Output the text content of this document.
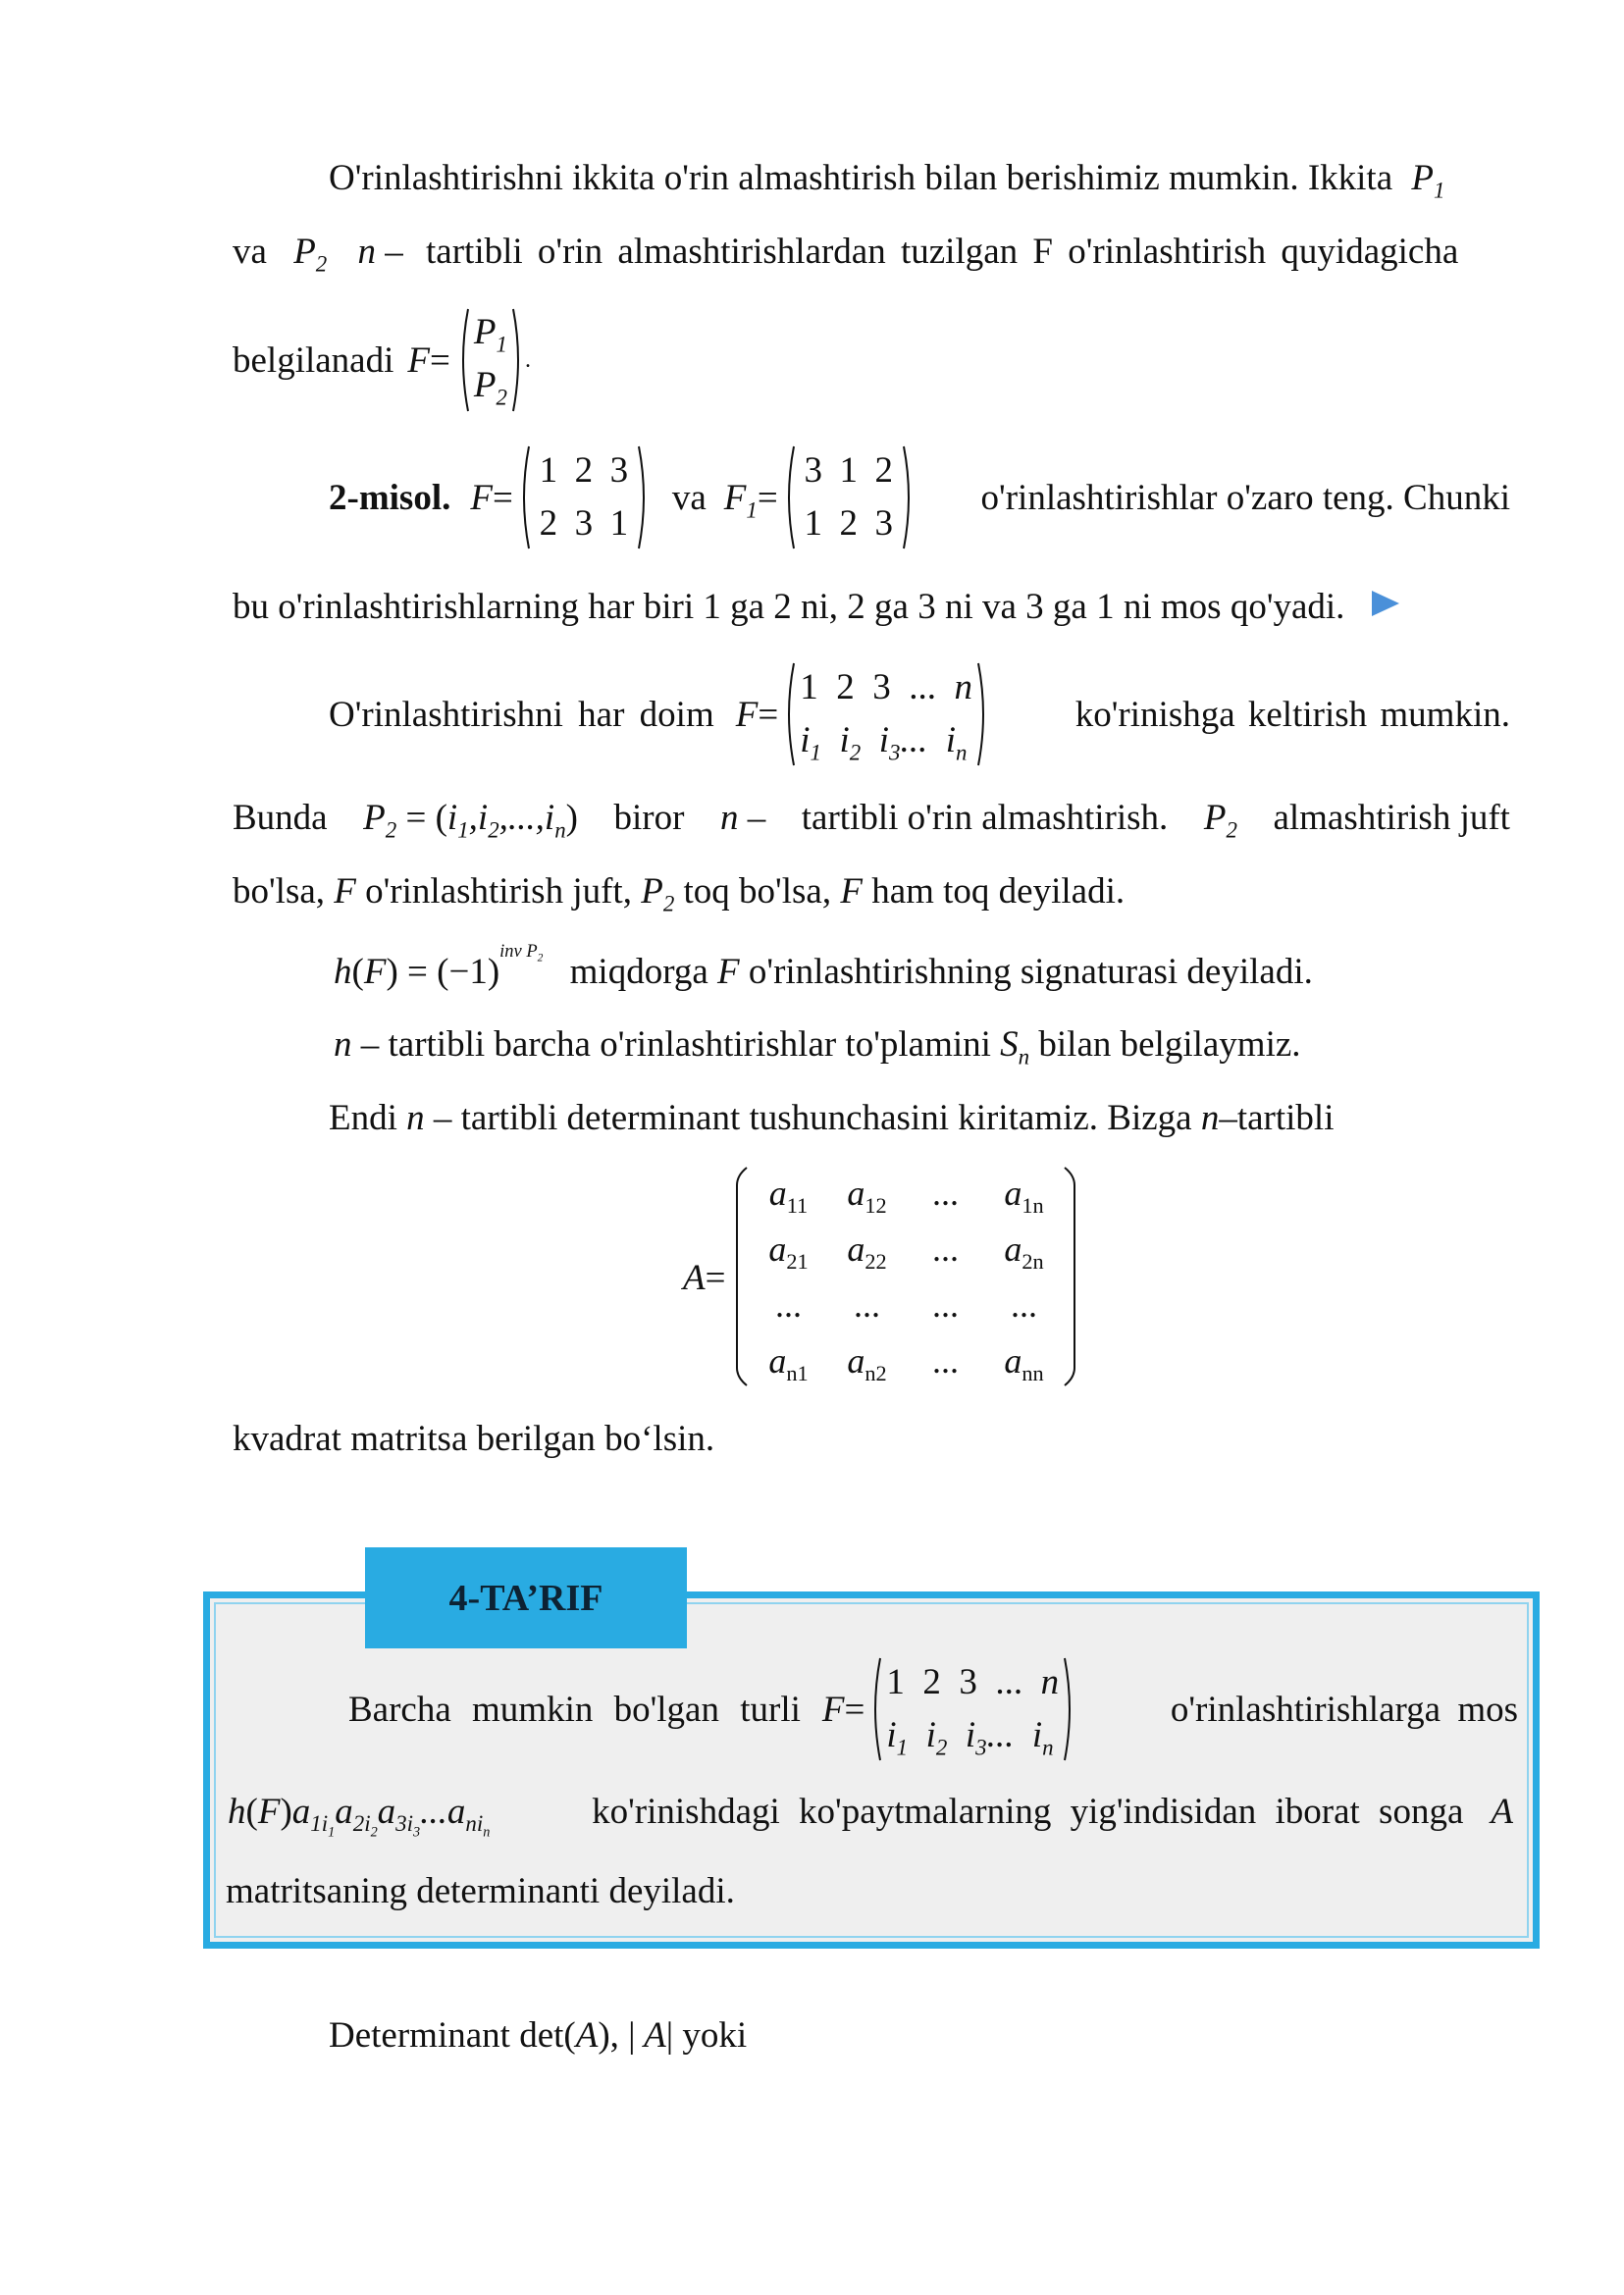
O'rinlashtirishni ikkita o'rin almashtirish bilan berishimiz mumkin. Ikkita $P_1$
va $P_2$ n – tartibli o'rin almashtirishlardan tuzilgan F o'rinlashtirish quyidagicha
belgilanadi F =
$P_1$
$P_2$
.
2-misol. F =
1 2 3
2 3 1
va $F_1$ =
3 1 2
1 2 3
o'rinlashtirishlar o'zaro teng. Chunki
bu o'rinlashtirishlarning har biri 1 ga 2 ni, 2 ga 3 ni va 3 ga 1 ni mos qo'yadi.
O'rinlashtirishni har doim F =
1  2  3  ...  n
$i_1$  $i_2$  $i_3$...  $i_n$
ko'rinishga keltirish mumkin.
Bunda $P_2 = (i_1,i_2,...,i_n)$ biror n – tartibli o'rin almashtirish. $P_2$ almashtirish juft
bo'lsa, F o'rinlashtirish juft, $P_2$ toq bo'lsa, F ham toq deyiladi.
$h(F) = (-1)^{inv P_2}$ miqdorga F o'rinlashtirishning signaturasi deyiladi.
n – tartibli barcha o'rinlashtirishlar to'plamini $S_n$ bilan belgilaymiz.
Endi n – tartibli determinant tushunchasini kiritamiz. Bizga n–tartibli
A =
$a_{11}$	$a_{12}$	...	$a_{1n}$
$a_{21}$	$a_{22}$	...	$a_{2n}$
...	...	...	...
$a_{n1}$	$a_{n2}$	...	$a_{nn}$
kvadrat matritsa berilgan bo‘lsin.
4-TA’RIF
Barcha mumkin bo'lgan turli F =
1  2  3  ...  n
$i_1$  $i_2$  $i_3$...  $i_n$
o'rinlashtirishlarga mos
$h(F)a_{1i_1}a_{2i_2}a_{3i_3}...a_{ni_n}$
ko'rinishdagi ko'paytmalarning yig'indisidan iborat songa A
matritsaning determinanti deyiladi.
Determinant det(A), | A| yoki
